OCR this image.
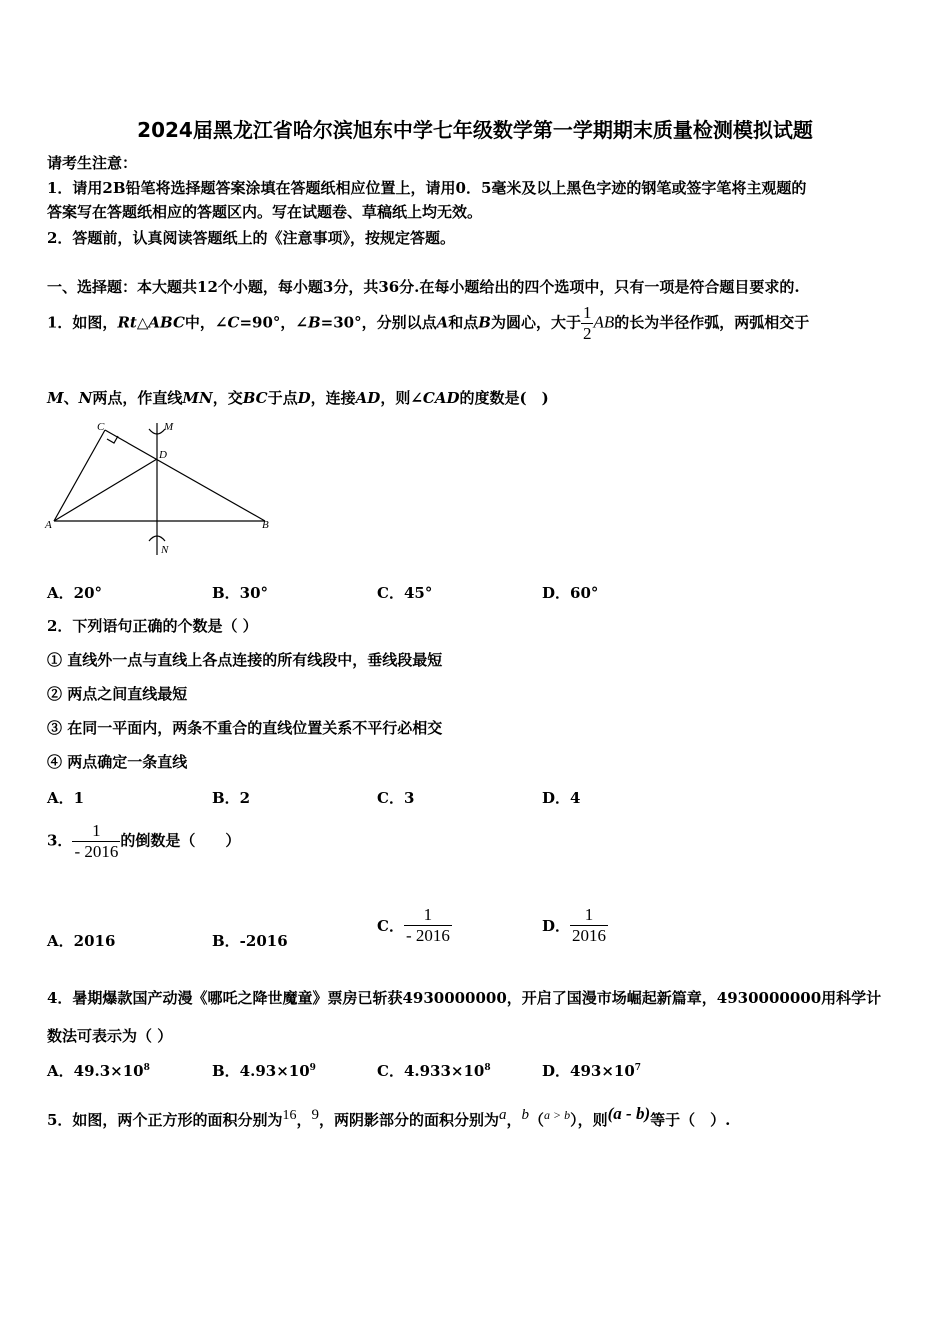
2024届黑龙江省哈尔滨旭东中学七年级数学第一学期期末质量检测模拟试题
请考生注意：
1．请用2B铅笔将选择题答案涂填在答题纸相应位置上，请用0．5毫米及以上黑色字迹的钢笔或签字笔将主观题的
答案写在答题纸相应的答题区内。写在试题卷、草稿纸上均无效。
2．答题前，认真阅读答题纸上的《注意事项》，按规定答题。
一、选择题：本大题共12个小题，每小题3分，共36分.在每小题给出的四个选项中，只有一项是符合题目要求的.
1．如图，Rt△ABC中，∠C=90°，∠B=30°，分别以点A和点B为圆心，大于 $\frac{1}{2}$ AB的长为半径作弧，两弧相交于
M、N两点，作直线MN，交BC于点D，连接AD，则∠CAD的度数是(　)
C	M
D
A	B
N
A．20°	B．30°	C．45°	D．60°
2．下列语句正确的个数是（ ）
① 直线外一点与直线上各点连接的所有线段中，垂线段最短
② 两点之间直线最短
③ 在同一平面内，两条不重合的直线位置关系不平行必相交
④ 两点确定一条直线
A．1	B．2	C．3	D．4
3． $\frac{1}{- 2016}$ 的倒数是（　　）
A．2016	B．-2016
C． $\frac{1}{- 2016}$	D． $\frac{1}{2016}$
4．暑期爆款国产动漫《哪吒之降世魔童》票房已斩获4930000000，开启了国漫市场崛起新篇章，4930000000用科学计
数法可表示为（ ）
A．$49.3\times 10^8$	B．$4.93\times 10^9$	C．$4.933\times 10^8$	D．$493\times 10^7$
5．如图，两个正方形的面积分别为16，9，两阴影部分的面积分别为a，b（$^{a > b}$），则(a - b)等于（　）.
